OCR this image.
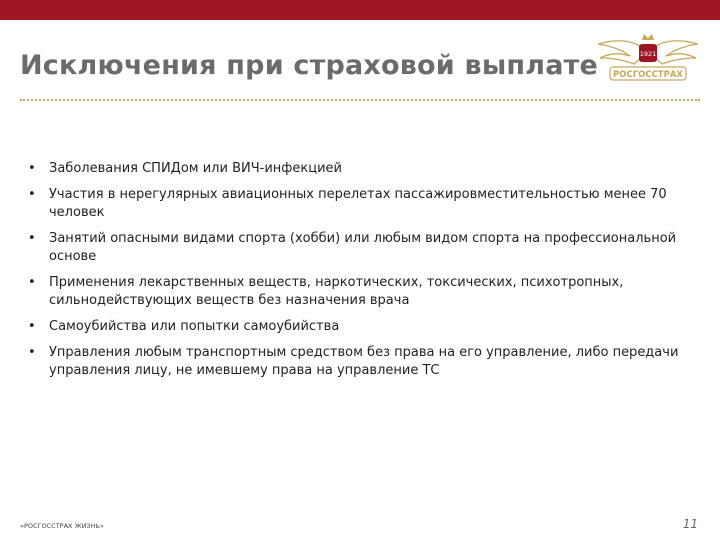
Исключения при страховой выплате	1921
РОСГОССТРАХ
• Заболевания СПИДом или ВИЧ-инфекцией
• Участия в нерегулярных авиационных перелетах пассажировместительностью менее 70 человек
• Занятий опасными видами спорта (хобби) или любым видом спорта на профессиональной основе
• Применения лекарственных веществ, наркотических, токсических, психотропных, сильнодействующих веществ без назначения врача
• Самоубийства или попытки самоубийства
• Управления любым транспортным средством без права на его управление, либо передачи управления лицу, не имевшему права на управление ТС
«РОСГОССТРАХ ЖИЗНЬ»	11
